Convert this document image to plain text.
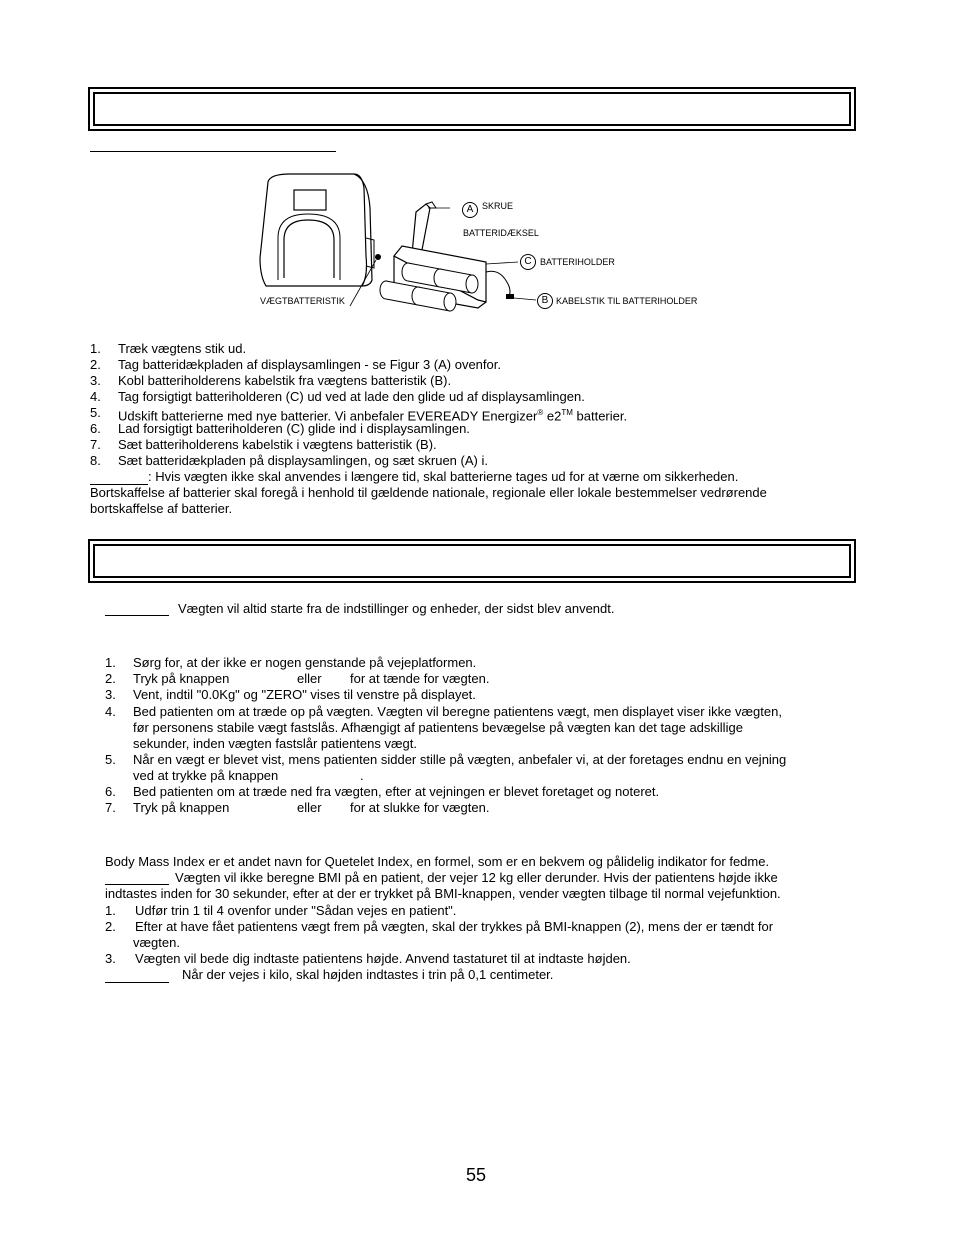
A SKRUE
BATTERIDÆKSEL
C BATTERIHOLDER
B KABELSTIK TIL BATTERIHOLDER
VÆGTBATTERISTIK
1. Træk vægtens stik ud.
2. Tag batteridækpladen af displaysamlingen - se Figur 3 (A) ovenfor.
3. Kobl batteriholderens kabelstik fra vægtens batteristik (B).
4. Tag forsigtigt batteriholderen (C) ud ved at lade den glide ud af displaysamlingen.
5. Udskift batterierne med nye batterier. Vi anbefaler EVEREADY Energizer® e2™ batterier.
6. Lad forsigtigt batteriholderen (C) glide ind i displaysamlingen.
7. Sæt batteriholderens kabelstik i vægtens batteristik (B).
8. Sæt batteridækpladen på displaysamlingen, og sæt skruen (A) i.
: Hvis vægten ikke skal anvendes i længere tid, skal batterierne tages ud for at værne om sikkerheden.
Bortskaffelse af batterier skal foregå i henhold til gældende nationale, regionale eller lokale bestemmelser vedrørende
bortskaffelse af batterier.
Vægten vil altid starte fra de indstillinger og enheder, der sidst blev anvendt.
1. Sørg for, at der ikke er nogen genstande på vejeplatformen.
2. Tryk på knappen	eller for at tænde for vægten.
3. Vent, indtil "0.0Kg" og "ZERO" vises til venstre på displayet.
4. Bed patienten om at træde op på vægten. Vægten vil beregne patientens vægt, men displayet viser ikke vægten,
før personens stabile vægt fastslås. Afhængigt af patientens bevægelse på vægten kan det tage adskillige
sekunder, inden vægten fastslår patientens vægt.
5. Når en vægt er blevet vist, mens patienten sidder stille på vægten, anbefaler vi, at der foretages endnu en vejning
ved at trykke på knappen	.
6. Bed patienten om at træde ned fra vægten, efter at vejningen er blevet foretaget og noteret.
7. Tryk på knappen	eller for at slukke for vægten.
Body Mass Index er et andet navn for Quetelet Index, en formel, som er en bekvem og pålidelig indikator for fedme.
Vægten vil ikke beregne BMI på en patient, der vejer 12 kg eller derunder. Hvis der patientens højde ikke
indtastes inden for 30 sekunder, efter at der er trykket på BMI-knappen, vender vægten tilbage til normal vejefunktion.
1. Udfør trin 1 til 4 ovenfor under "Sådan vejes en patient".
2. Efter at have fået patientens vægt frem på vægten, skal der trykkes på BMI-knappen (2), mens der er tændt for
vægten.
3. Vægten vil bede dig indtaste patientens højde. Anvend tastaturet til at indtaste højden.
Når der vejes i kilo, skal højden indtastes i trin på 0,1 centimeter.
55
